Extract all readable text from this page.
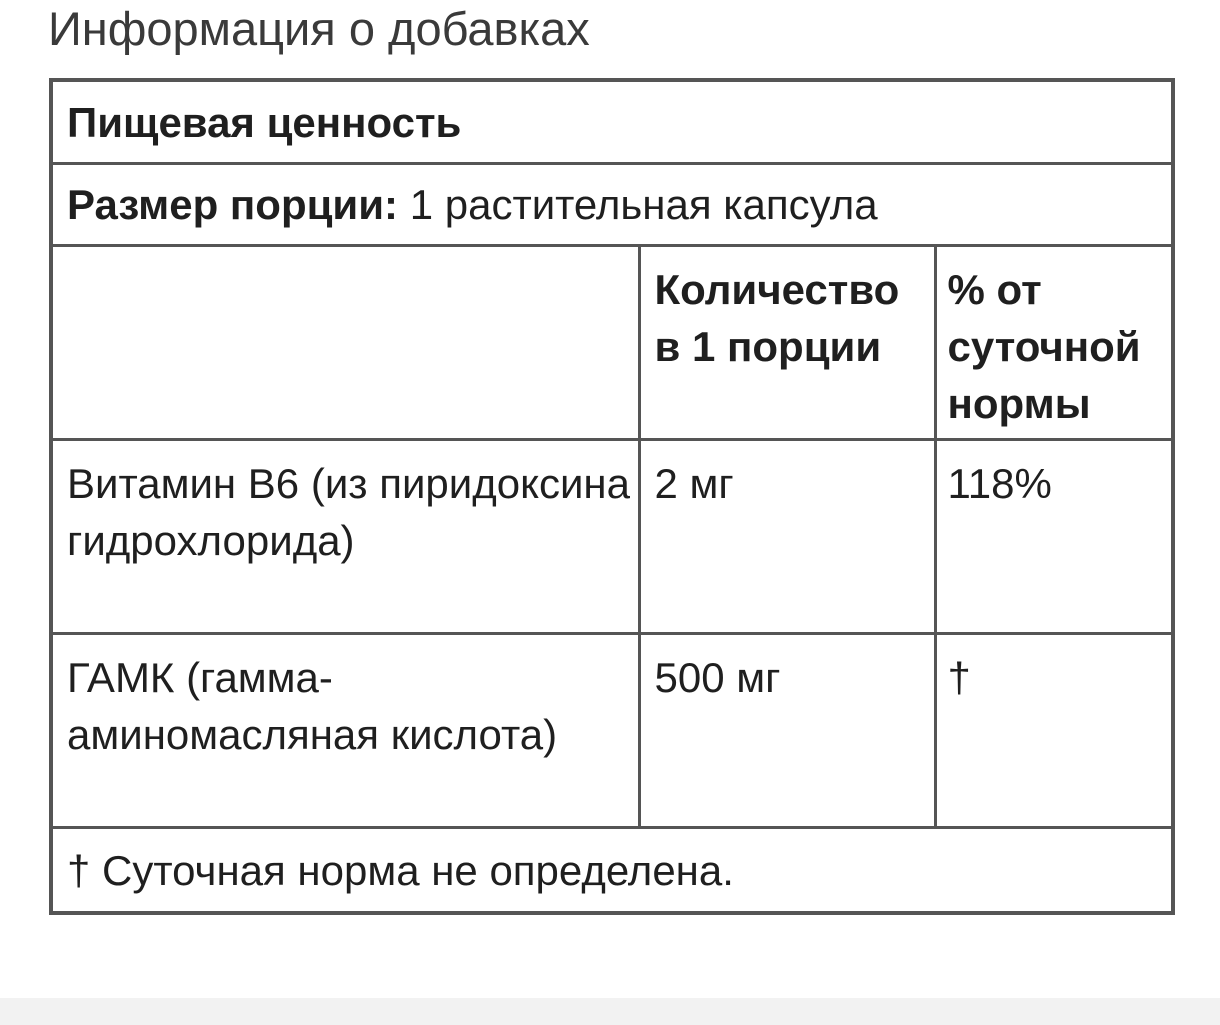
Информация о добавках
Пищевая ценность		
Размер порции: 1 растительная капсула		
	Количество в 1 порции	% от суточной нормы
Витамин B6 (из пиридоксина гидрохлорида)	2 мг	118%
ГАМК (гамма-аминомасляная кислота)	500 мг	†
† Суточная норма не определена.		
